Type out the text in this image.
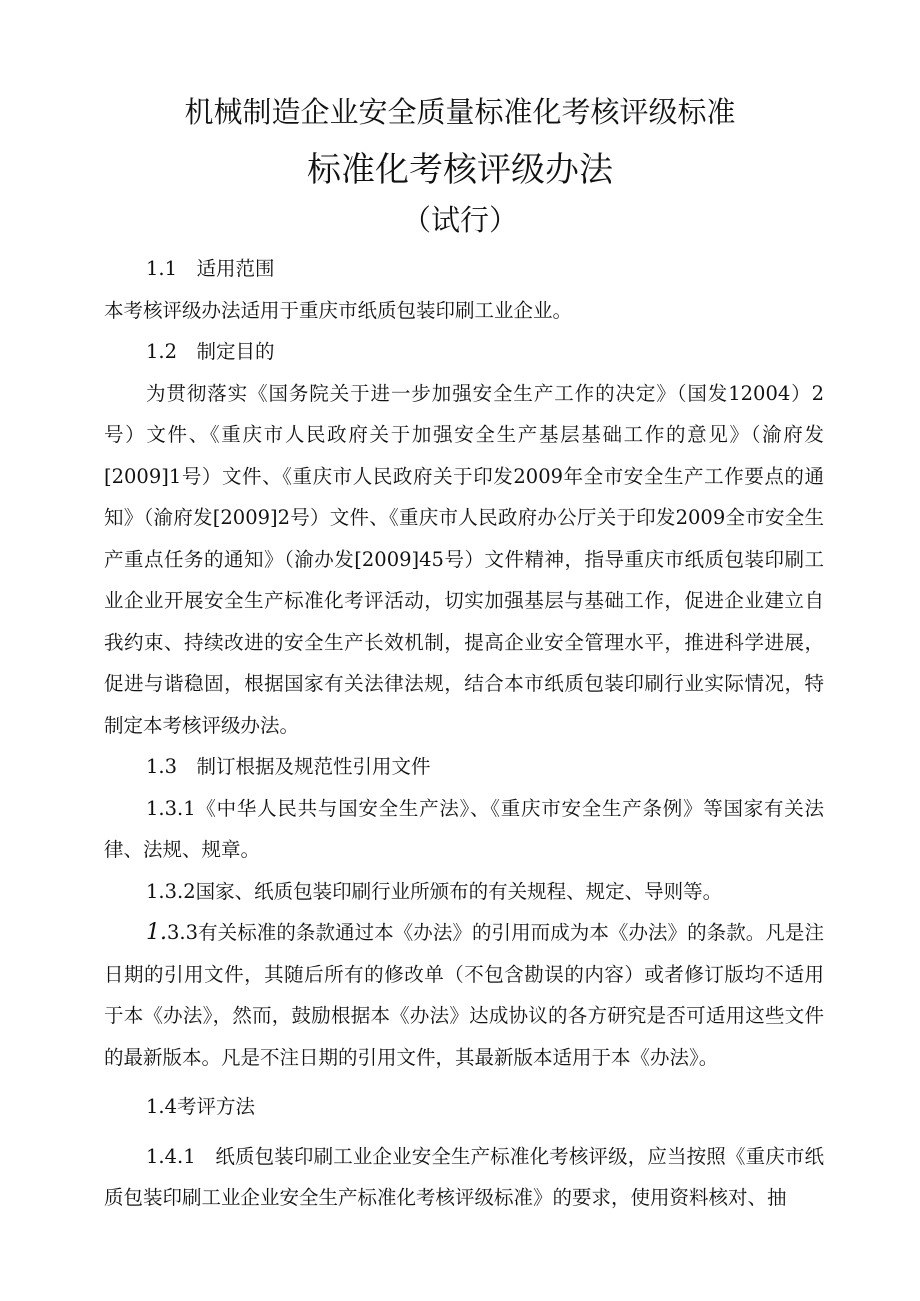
机械制造企业安全质量标准化考核评级标准
标准化考核评级办法
（试行）

1.1　适用范围

本考核评级办法适用于重庆市纸质包装印刷工业企业。

1.2　制定目的

为贯彻落实《国务院关于进一步加强安全生产工作的决定》（国发12004）2号）文件、《重庆市人民政府关于加强安全生产基层基础工作的意见》（渝府发[2009]1号）文件、《重庆市人民政府关于印发2009年全市安全生产工作要点的通知》（渝府发[2009]2号）文件、《重庆市人民政府办公厅关于印发2009全市安全生产重点任务的通知》（渝办发[2009]45号）文件精神，指导重庆市纸质包装印刷工业企业开展安全生产标准化考评活动，切实加强基层与基础工作，促进企业建立自我约束、持续改进的安全生产长效机制，提高企业安全管理水平，推进科学进展，促进与谐稳固，根据国家有关法律法规，结合本市纸质包装印刷行业实际情况，特制定本考核评级办法。

1.3　制订根据及规范性引用文件

1.3.1《中华人民共与国安全生产法》、《重庆市安全生产条例》等国家有关法律、法规、规章。

1.3.2国家、纸质包装印刷行业所颁布的有关规程、规定、导则等。

1.3.3有关标准的条款通过本《办法》的引用而成为本《办法》的条款。凡是注日期的引用文件，其随后所有的修改单（不包含勘误的内容）或者修订版均不适用于本《办法》，然而，鼓励根据本《办法》达成协议的各方研究是否可适用这些文件的最新版本。凡是不注日期的引用文件，其最新版本适用于本《办法》。

1.4考评方法

1.4.1　纸质包装印刷工业企业安全生产标准化考核评级，应当按照《重庆市纸质包装印刷工业企业安全生产标准化考核评级标准》的要求，使用资料核对、抽
